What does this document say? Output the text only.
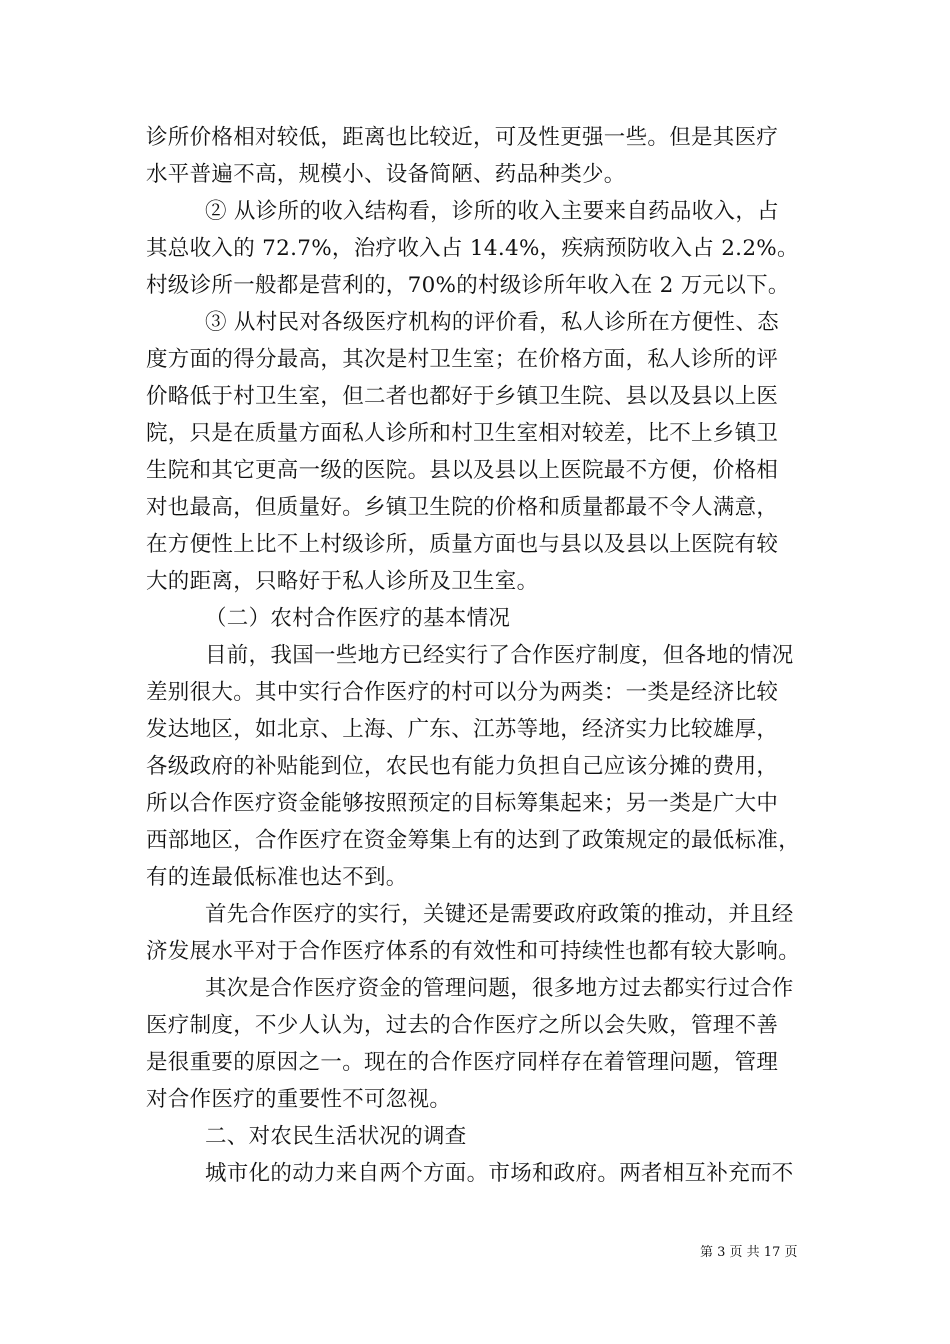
诊所价格相对较低，距离也比较近，可及性更强一些。但是其医疗
水平普遍不高，规模小、设备简陋、药品种类少。
② 从诊所的收入结构看，诊所的收入主要来自药品收入，占
其总收入的 72.7%，治疗收入占 14.4%，疾病预防收入占 2.2%。
村级诊所一般都是营利的，70%的村级诊所年收入在 2 万元以下。
③ 从村民对各级医疗机构的评价看，私人诊所在方便性、态
度方面的得分最高，其次是村卫生室；在价格方面，私人诊所的评
价略低于村卫生室，但二者也都好于乡镇卫生院、县以及县以上医
院，只是在质量方面私人诊所和村卫生室相对较差，比不上乡镇卫
生院和其它更高一级的医院。县以及县以上医院最不方便，价格相
对也最高，但质量好。乡镇卫生院的价格和质量都最不令人满意，
在方便性上比不上村级诊所，质量方面也与县以及县以上医院有较
大的距离，只略好于私人诊所及卫生室。
（二）农村合作医疗的基本情况
目前，我国一些地方已经实行了合作医疗制度，但各地的情况
差别很大。其中实行合作医疗的村可以分为两类：一类是经济比较
发达地区，如北京、上海、广东、江苏等地，经济实力比较雄厚，
各级政府的补贴能到位，农民也有能力负担自己应该分摊的费用，
所以合作医疗资金能够按照预定的目标筹集起来；另一类是广大中
西部地区，合作医疗在资金筹集上有的达到了政策规定的最低标准，
有的连最低标准也达不到。
首先合作医疗的实行，关键还是需要政府政策的推动，并且经
济发展水平对于合作医疗体系的有效性和可持续性也都有较大影响。
其次是合作医疗资金的管理问题，很多地方过去都实行过合作
医疗制度，不少人认为，过去的合作医疗之所以会失败，管理不善
是很重要的原因之一。现在的合作医疗同样存在着管理问题，管理
对合作医疗的重要性不可忽视。
二、对农民生活状况的调查
城市化的动力来自两个方面。市场和政府。两者相互补充而不
第 3 页 共 17 页
